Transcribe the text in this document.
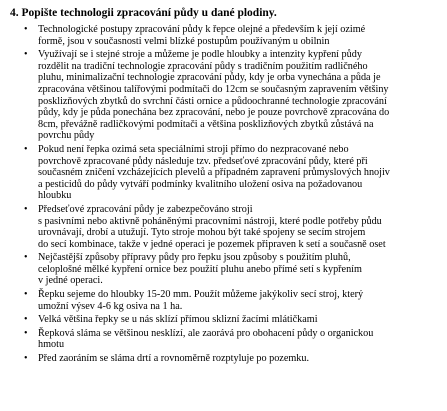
4. Popište technologii zpracování půdy u dané plodiny.
•	Technologické postupy zpracování půdy k řepce olejné a především k její ozimé
formě, jsou v současnosti velmi blízké postupům používaným u obilnin
•	Využívají se i stejné stroje a můžeme je podle hloubky a intenzity kypření půdy
rozdělit na tradiční technologie zpracování půdy s tradičním použitím radličného
pluhu, minimalizační technologie zpracování půdy, kdy je orba vynechána a půda je
zpracována většinou talířovými podmítači do 12cm se současným zapravením většiny
posklizňových zbytků do svrchní části ornice a půdoochranné technologie zpracování
půdy, kdy je půda ponechána bez zpracování, nebo je pouze povrchově zpracována do
8cm, převážně radličkovými podmítači a většina posklizňových zbytků zůstává na
povrchu půdy
•	Pokud není řepka ozimá seta speciálními stroji přímo do nezpracované nebo
povrchově zpracované půdy následuje tzv. předseťové zpracování půdy, které při
současném zničení vzcházejících plevelů a případném zapravení průmyslových hnojiv
a pesticidů do půdy vytváří podmínky kvalitního uložení osiva na požadovanou
hloubku
•	Předseťové zpracování půdy je zabezpečováno stroji
s pasivními nebo aktivně poháněnými pracovními nástroji, které podle potřeby půdu
urovnávají, drobí a utužují. Tyto stroje mohou být také spojeny se secím strojem
do secí kombinace, takže v jedné operaci je pozemek připraven k setí a současně oset
•	Nejčastější způsoby přípravy půdy pro řepku jsou způsoby s použitím pluhů,
celoplošné mělké kypření ornice bez použití pluhu anebo přímé setí s kypřením
v jedné operaci.
•	Řepku sejeme do hloubky 15-20 mm. Použít můžeme jakýkoliv secí stroj, který
umožní výsev 4-6 kg osiva na 1 ha.
•	Velká většina řepky se u nás sklízí přímou sklizní žacími mlátičkami
•	Řepková sláma se většinou nesklízí, ale zaorává pro obohacení půdy o organickou
hmotu
•	Před zaoráním se sláma drtí a rovnoměrně rozptyluje po pozemku.
